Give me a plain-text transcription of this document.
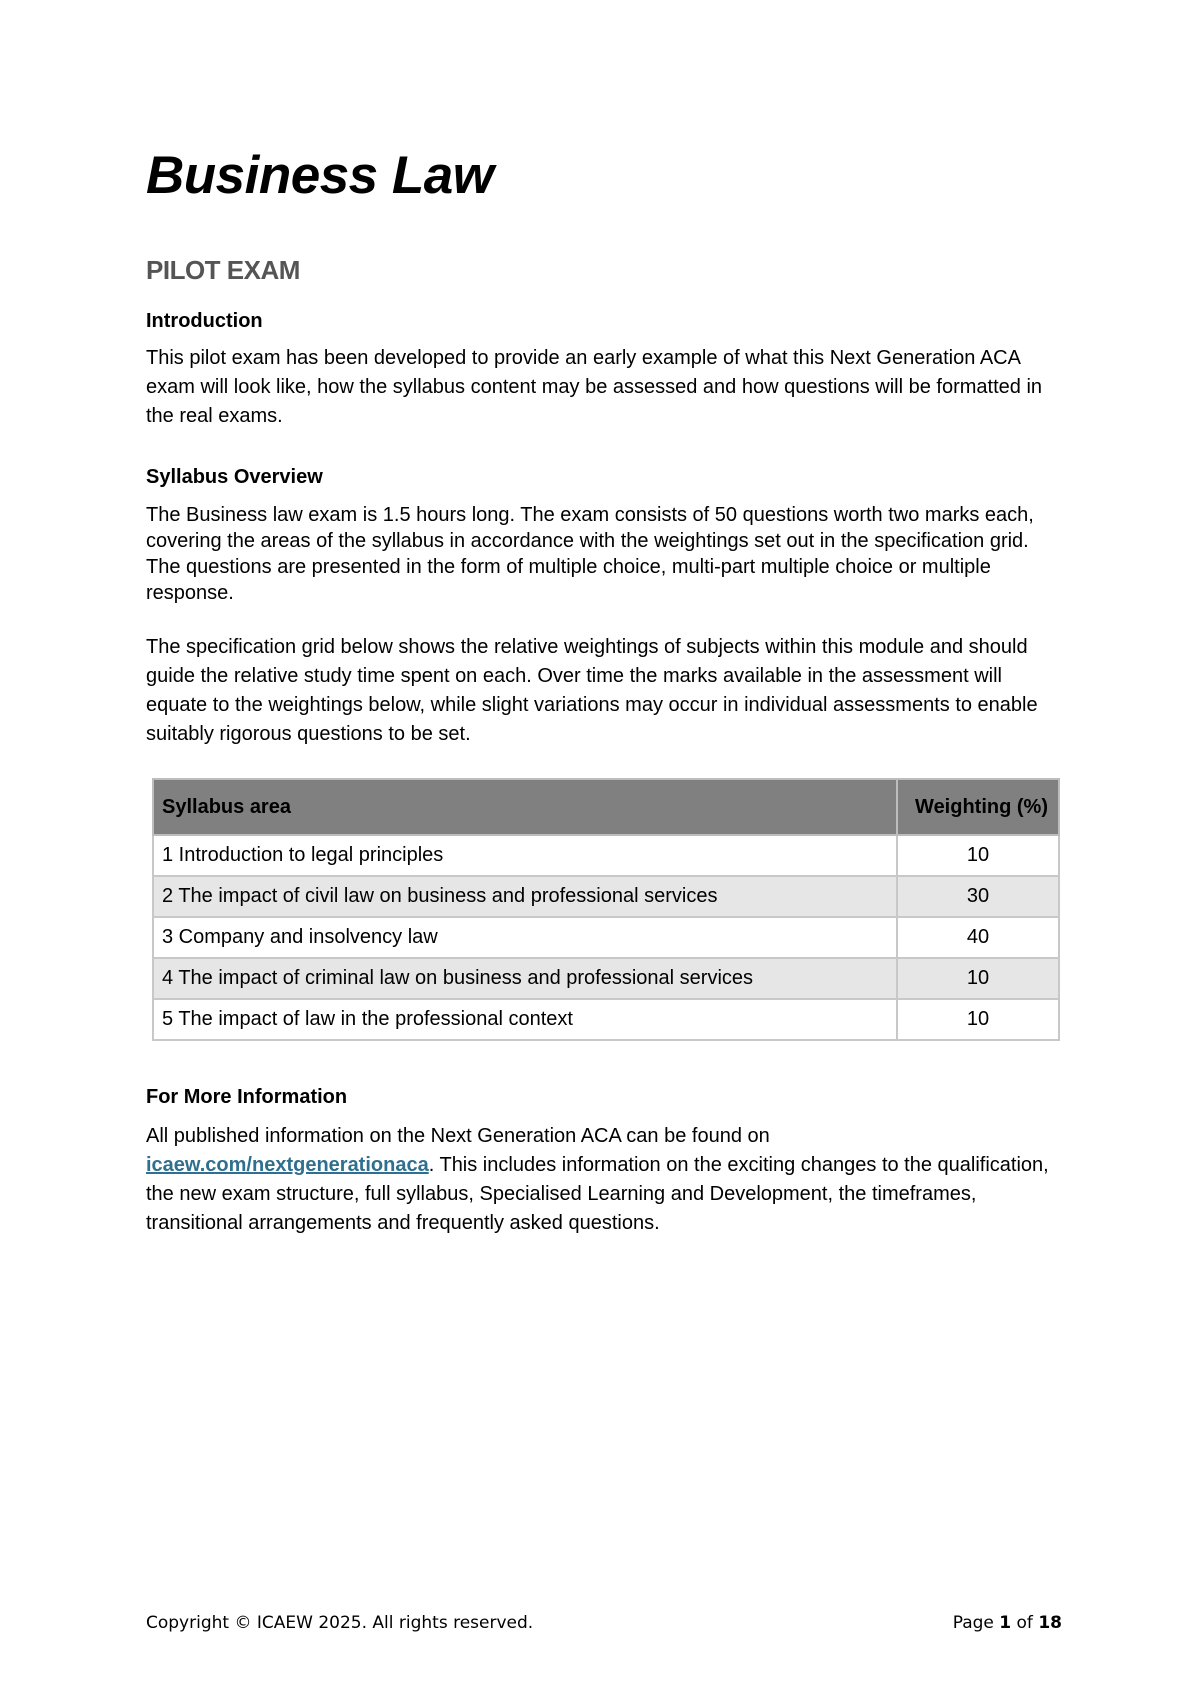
Business Law
PILOT EXAM
Introduction

This pilot exam has been developed to provide an early example of what this Next Generation ACA exam will look like, how the syllabus content may be assessed and how questions will be formatted in the real exams.

Syllabus Overview

The Business law exam is 1.5 hours long. The exam consists of 50 questions worth two marks each, covering the areas of the syllabus in accordance with the weightings set out in the specification grid. The questions are presented in the form of multiple choice, multi-part multiple choice or multiple response.

The specification grid below shows the relative weightings of subjects within this module and should guide the relative study time spent on each. Over time the marks available in the assessment will equate to the weightings below, while slight variations may occur in individual assessments to enable suitably rigorous questions to be set.

Syllabus area	Weighting (%)
1 Introduction to legal principles	10
2 The impact of civil law on business and professional services	30
3 Company and insolvency law	40
4 The impact of criminal law on business and professional services	10
5 The impact of law in the professional context	10
For More Information

All published information on the Next Generation ACA can be found on
icaew.com/nextgenerationaca. This includes information on the exciting changes to the qualification, the new exam structure, full syllabus, Specialised Learning and Development, the timeframes, transitional arrangements and frequently asked questions.

Copyright © ICAEW 2025. All rights reserved.	Page 1 of 18
